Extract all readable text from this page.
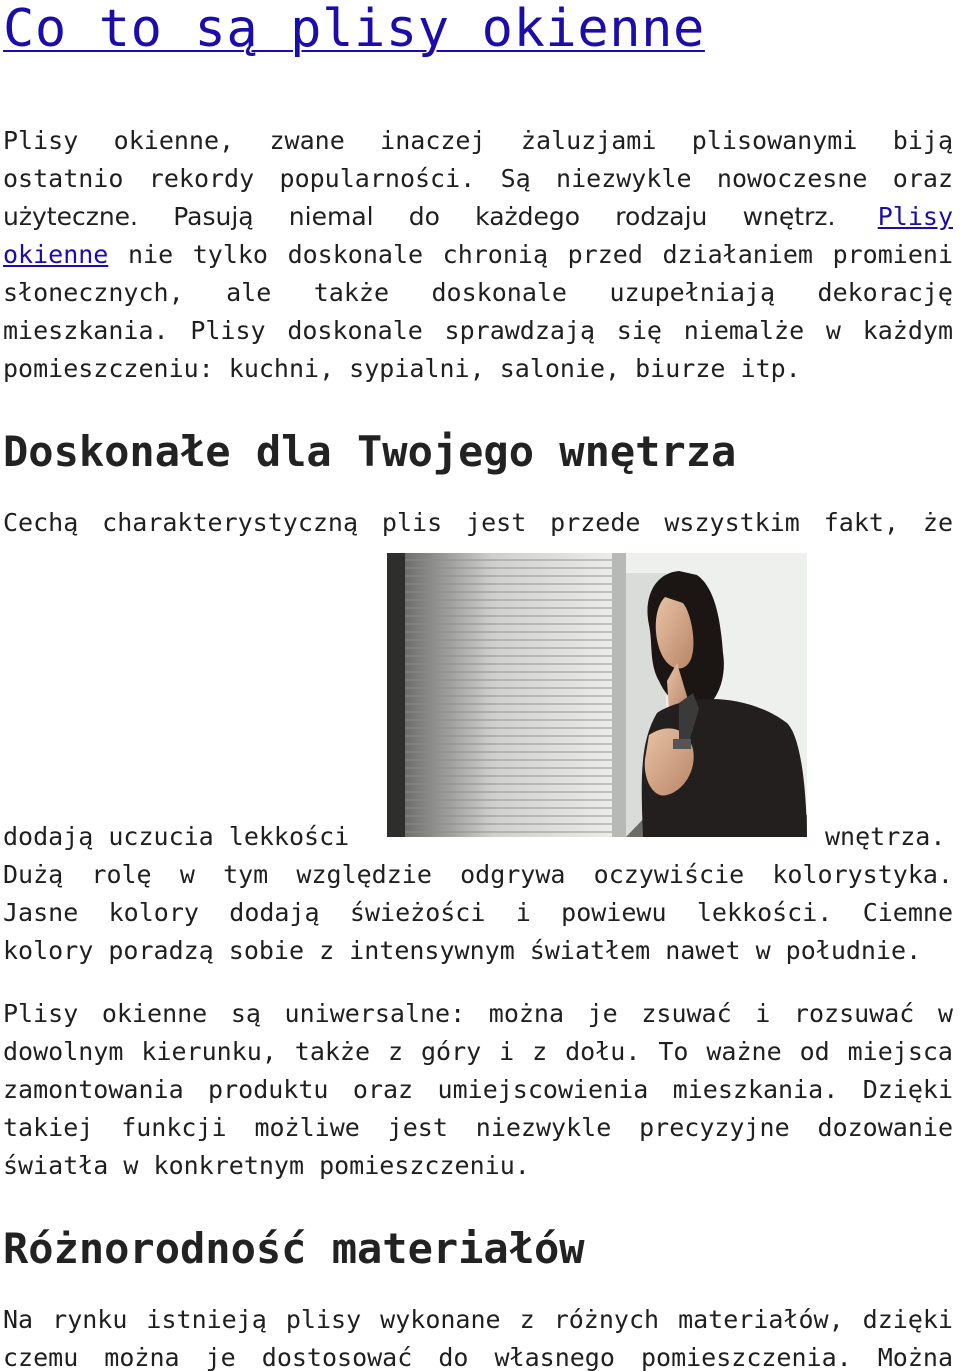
Co to są plisy okienne

Plisy okienne, zwane inaczej żaluzjami plisowanymi biją

ostatnio rekordy popularności. Są niezwykle nowoczesne oraz

użyteczne. Pasują niemal do każdego rodzaju wnętrz. Plisy

okienne nie tylko doskonale chronią przed działaniem promieni

słonecznych, ale także doskonale uzupełniają dekorację

mieszkania. Plisy doskonale sprawdzają się niemalże w każdym

pomieszczeniu: kuchni, sypialni, salonie, biurze itp.

Doskonałe dla Twojego wnętrza

Cechą charakterystyczną plis jest przede wszystkim fakt, że

dodają uczucia lekkości	wnętrza.

Dużą rolę w tym względzie odgrywa oczywiście kolorystyka.

Jasne kolory dodają świeżości i powiewu lekkości. Ciemne

kolory poradzą sobie z intensywnym światłem nawet w południe.

Plisy okienne są uniwersalne: można je zsuwać i rozsuwać w

dowolnym kierunku, także z góry i z dołu. To ważne od miejsca

zamontowania produktu oraz umiejscowienia mieszkania. Dzięki

takiej funkcji możliwe jest niezwykle precyzyjne dozowanie

światła w konkretnym pomieszczeniu.

Różnorodność materiałów

Na rynku istnieją plisy wykonane z różnych materiałów, dzięki

czemu można je dostosować do własnego pomieszczenia. Można
